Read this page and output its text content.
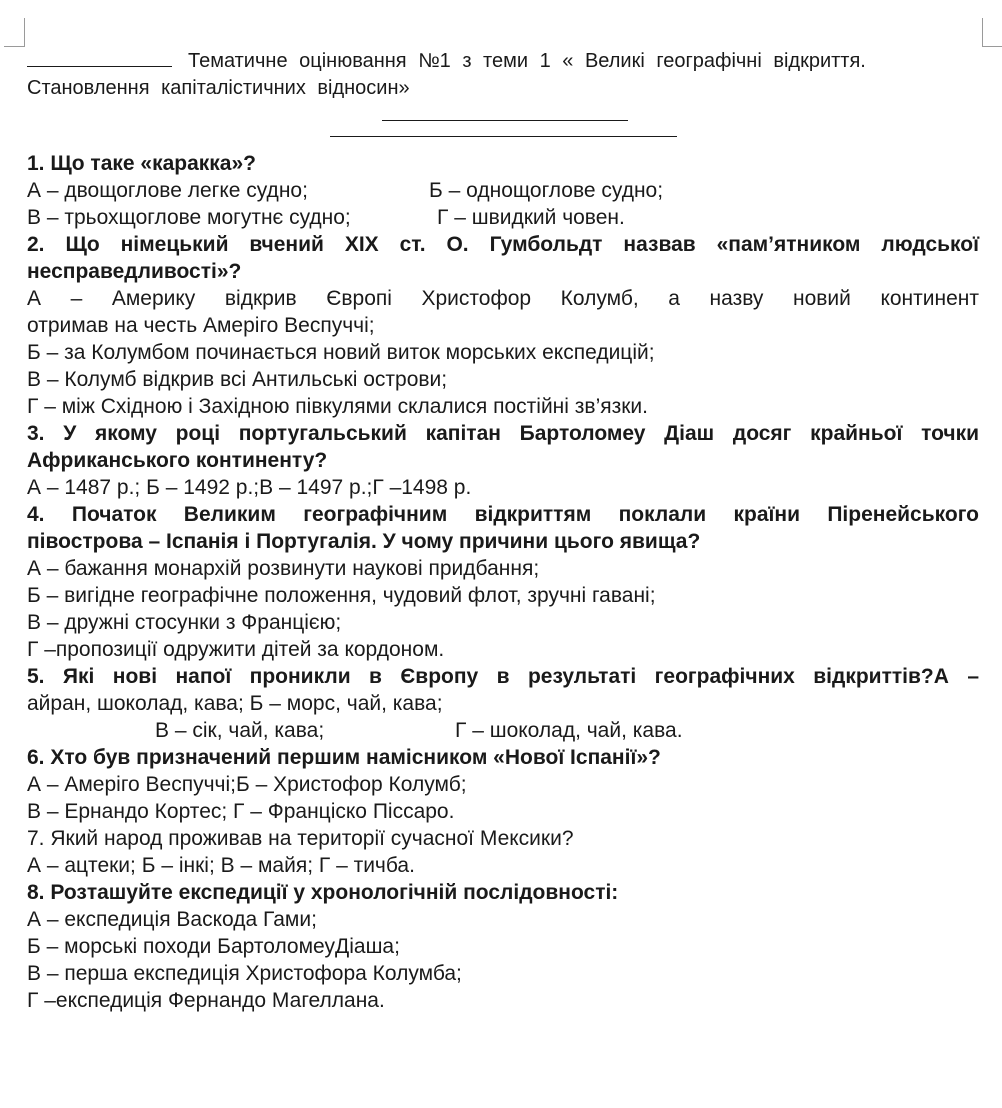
Тематичне оцінювання №1 з теми 1 « Великі географічні відкриття.
Становлення капіталістичних відносин»
1. Що таке «каракка»?
А – двощоглове легке судно;	Б – однощоглове судно;
В – трьохщоглове могутнє судно;	Г – швидкий човен.
2. Що німецький вчений XIX ст. О. Гумбольдт назвав «пам’ятником людської
несправедливості»?
А – Америку відкрив Європі Христофор Колумб, а назву новий континент
отримав на честь Амеріго Веспуччі;
Б – за Колумбом починається новий виток морських експедицій;
В – Колумб відкрив всі Антильські острови;
Г – між Східною і Західною півкулями склалися постійні зв’язки.
3. У якому році португальський капітан Бартоломеу Діаш досяг крайньої точки
Африканського континенту?
А – 1487 р.; Б – 1492 р.;В – 1497 р.;Г –1498 р.
4. Початок Великим географічним відкриттям поклали країни Піренейського
півострова – Іспанія і Португалія. У чому причини цього явища?
А – бажання монархій розвинути наукові придбання;
Б – вигідне географічне положення, чудовий флот, зручні гавані;
В – дружні стосунки з Францією;
Г –пропозиції одружити дітей за кордоном.
5. Які нові напої проникли в Європу в результаті географічних відкриттів?А –
айран, шоколад, кава; Б – морс, чай, кава;
В – сік, чай, кава;	Г – шоколад, чай, кава.
6. Хто був призначений першим намісником «Нової Іспанії»?
А – Амеріго Веспуччі;Б – Христофор Колумб;
В – Ернандо Кортес; Г – Франціско Піссаро.
7. Який народ проживав на території сучасної Мексики?
А – ацтеки; Б – інкі; В – майя; Г – тичба.
8. Розташуйте експедиції у хронологічній послідовності:
А – експедиція Васкода Гами;
Б – морські походи БартоломеуДіаша;
В – перша експедиція Христофора Колумба;
Г –експедиція Фернандо Магеллана.
